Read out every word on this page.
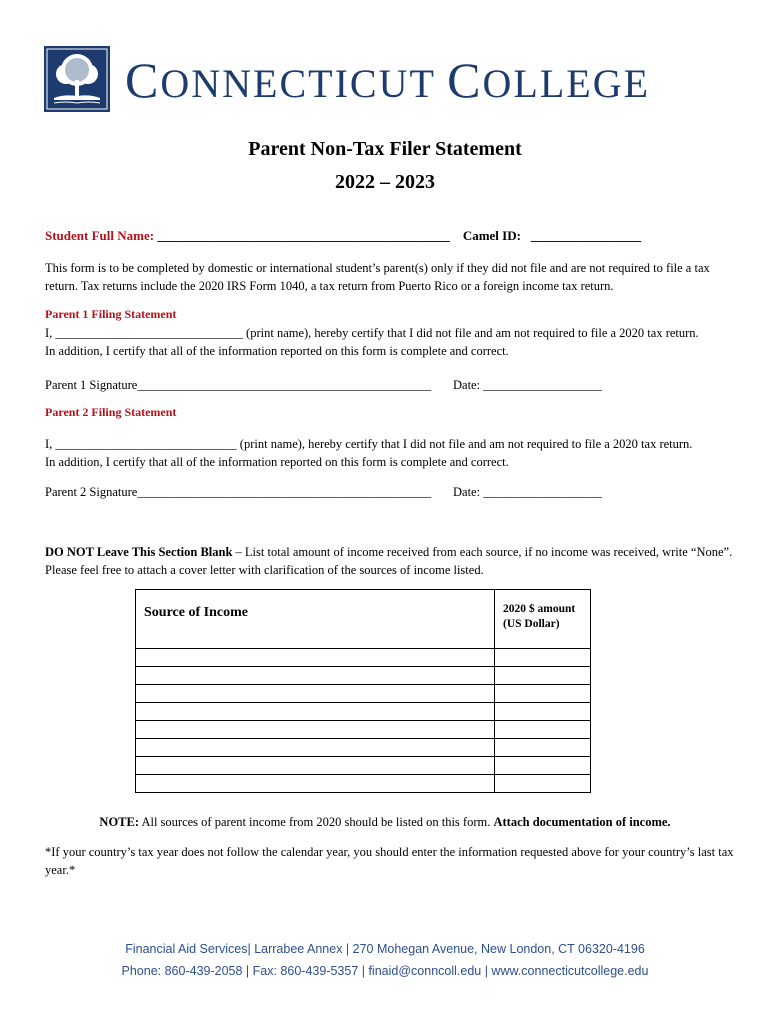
CONNECTICUT COLLEGE
Parent Non-Tax Filer Statement
2022 – 2023
Student Full Name: _____________________________________________ Camel ID: _________________
This form is to be completed by domestic or international student’s parent(s) only if they did not file and are not required to file a tax return. Tax returns include the 2020 IRS Form 1040, a tax return from Puerto Rico or a foreign income tax return.
Parent 1 Filing Statement
I, ______________________________ (print name), hereby certify that I did not file and am not required to file a 2020 tax return.
In addition, I certify that all of the information reported on this form is complete and correct.
Parent 1 Signature_______________________________________________ Date: ___________________
Parent 2 Filing Statement
I, _____________________________ (print name), hereby certify that I did not file and am not required to file a 2020 tax return.
In addition, I certify that all of the information reported on this form is complete and correct.
Parent 2 Signature_______________________________________________ Date: ___________________
DO NOT Leave This Section Blank – List total amount of income received from each source, if no income was received, write “None”. Please feel free to attach a cover letter with clarification of the sources of income listed.
Source of Income	2020 $ amount
(US Dollar)

NOTE: All sources of parent income from 2020 should be listed on this form. Attach documentation of income.
*If your country’s tax year does not follow the calendar year, you should enter the information requested above for your country’s last tax year.*
Financial Aid Services| Larrabee Annex | 270 Mohegan Avenue, New London, CT 06320-4196
Phone: 860-439-2058 | Fax: 860-439-5357 | finaid@conncoll.edu | www.connecticutcollege.edu
